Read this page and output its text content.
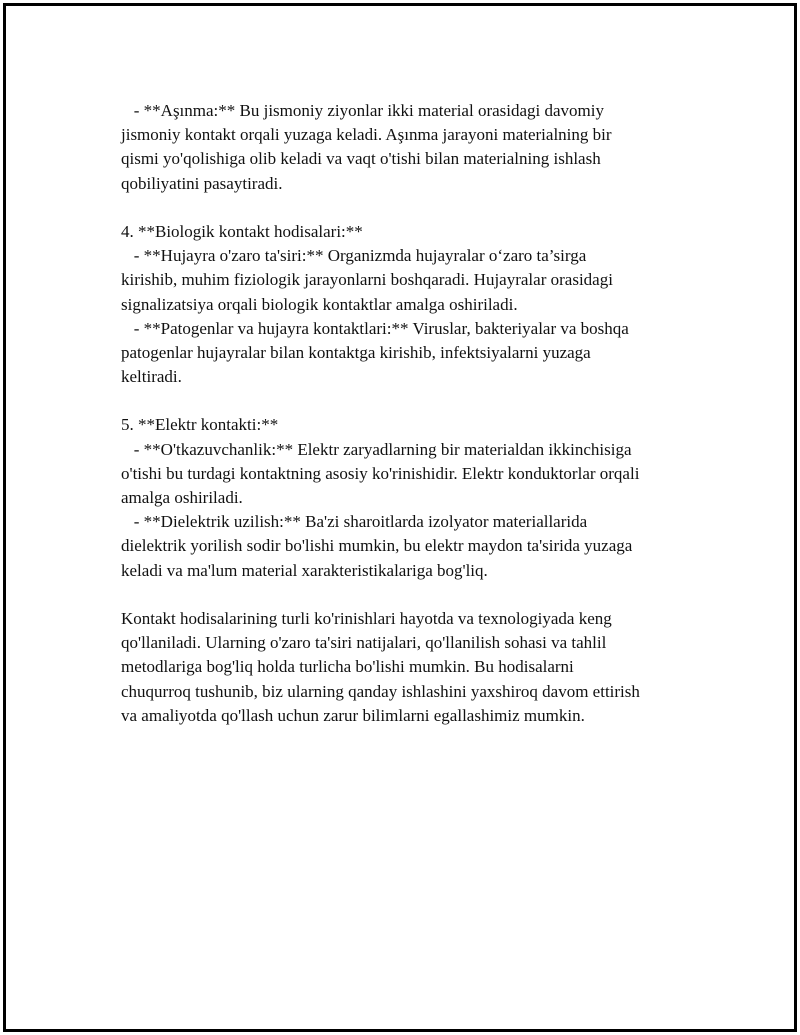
- **Aşınma:** Bu jismoniy ziyonlar ikki material orasidagi davomiy
jismoniy kontakt orqali yuzaga keladi. Aşınma jarayoni materialning bir
qismi yo'qolishiga olib keladi va vaqt o'tishi bilan materialning ishlash
qobiliyatini pasaytiradi.
4. **Biologik kontakt hodisalari:**
- **Hujayra o'zaro ta'siri:** Organizmda hujayralar o‘zaro ta’sirga
kirishib, muhim fiziologik jarayonlarni boshqaradi. Hujayralar orasidagi
signalizatsiya orqali biologik kontaktlar amalga oshiriladi.
- **Patogenlar va hujayra kontaktlari:** Viruslar, bakteriyalar va boshqa
patogenlar hujayralar bilan kontaktga kirishib, infektsiyalarni yuzaga
keltiradi.
5. **Elektr kontakti:**
- **O'tkazuvchanlik:** Elektr zaryadlarning bir materialdan ikkinchisiga
o'tishi bu turdagi kontaktning asosiy ko'rinishidir. Elektr konduktorlar orqali
amalga oshiriladi.
- **Dielektrik uzilish:** Ba'zi sharoitlarda izolyator materiallarida
dielektrik yorilish sodir bo'lishi mumkin, bu elektr maydon ta'sirida yuzaga
keladi va ma'lum material xarakteristikalariga bog'liq.
Kontakt hodisalarining turli ko'rinishlari hayotda va texnologiyada keng
qo'llaniladi. Ularning o'zaro ta'siri natijalari, qo'llanilish sohasi va tahlil
metodlariga bog'liq holda turlicha bo'lishi mumkin. Bu hodisalarni
chuqurroq tushunib, biz ularning qanday ishlashini yaxshiroq davom ettirish
va amaliyotda qo'llash uchun zarur bilimlarni egallashimiz mumkin.
